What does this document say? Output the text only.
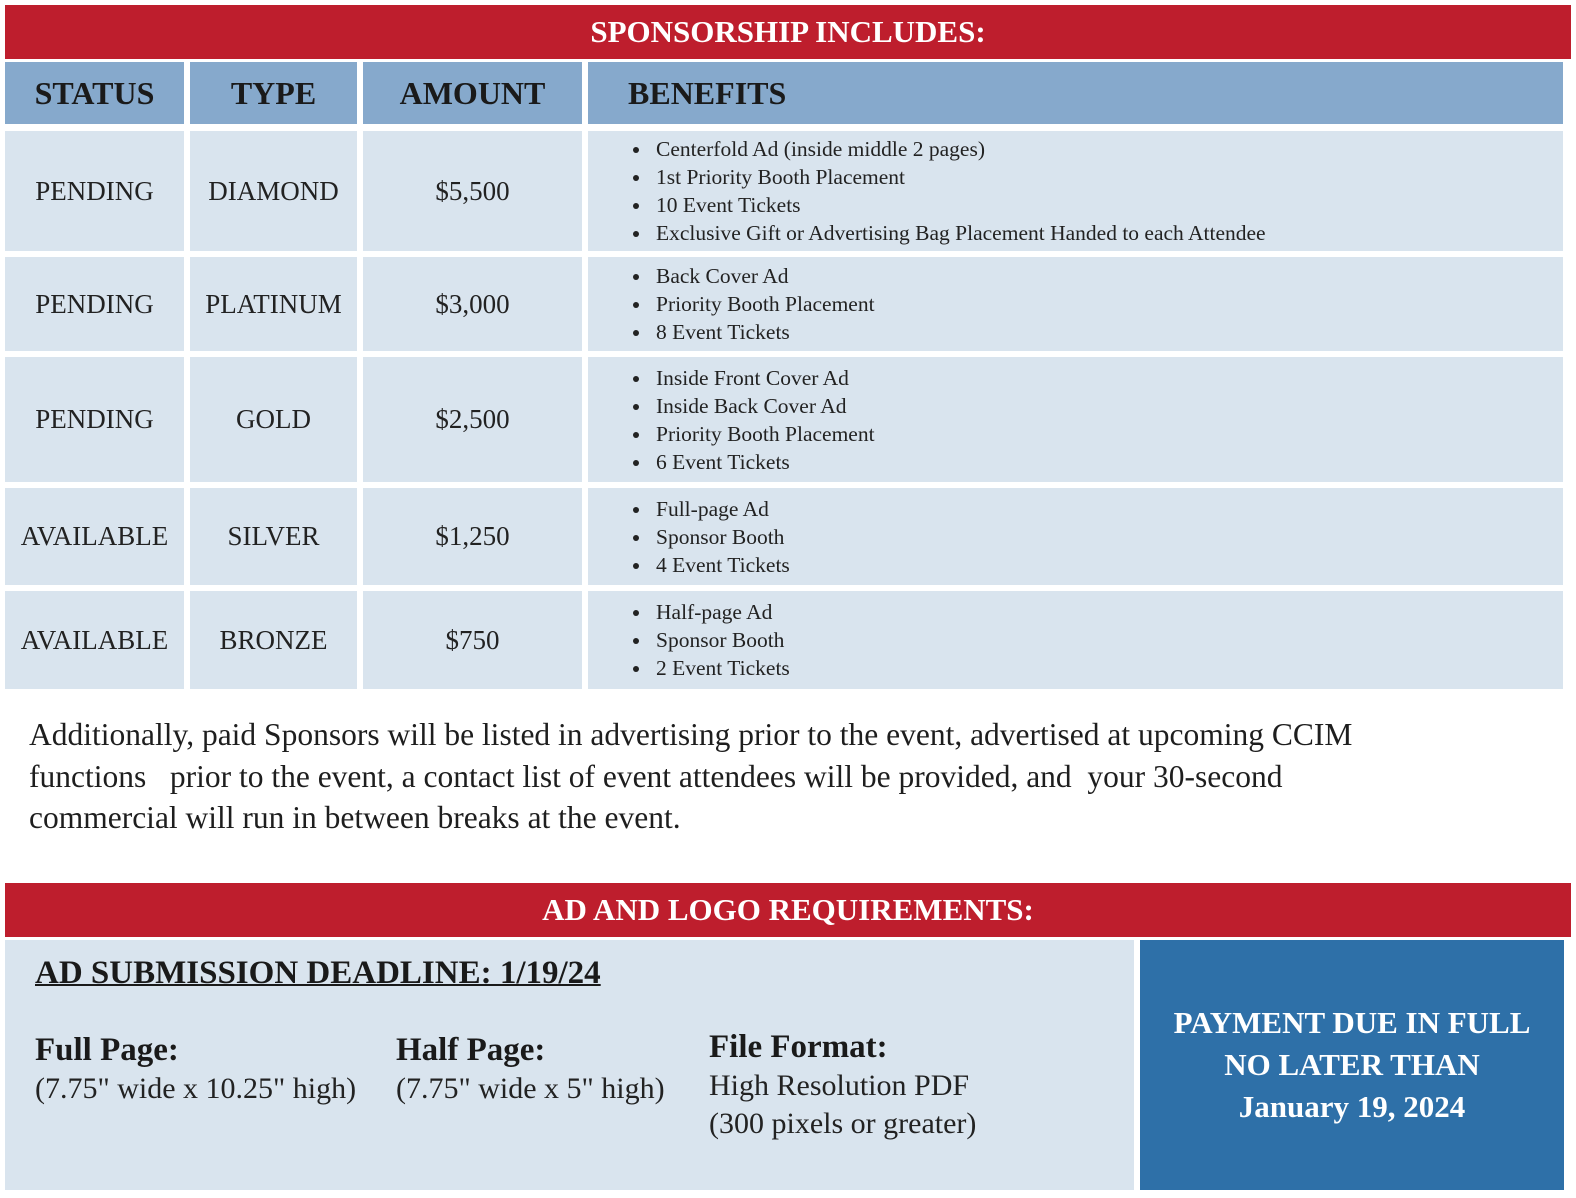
SPONSORSHIP INCLUDES:
STATUS	TYPE	AMOUNT	BENEFITS
PENDING	DIAMOND	$5,500
• Centerfold Ad (inside middle 2 pages)
• 1st Priority Booth Placement
• 10 Event Tickets
• Exclusive Gift or Advertising Bag Placement Handed to each Attendee
PENDING	PLATINUM	$3,000
• Back Cover Ad
• Priority Booth Placement
• 8 Event Tickets
PENDING	GOLD	$2,500
• Inside Front Cover Ad
• Inside Back Cover Ad
• Priority Booth Placement
• 6 Event Tickets
AVAILABLE	SILVER	$1,250
• Full-page Ad
• Sponsor Booth
• 4 Event Tickets
AVAILABLE	BRONZE	$750
• Half-page Ad
• Sponsor Booth
• 2 Event Tickets

Additionally, paid Sponsors will be listed in advertising prior to the event, advertised at upcoming CCIM
functions   prior to the event, a contact list of event attendees will be provided, and  your 30-second
commercial will run in between breaks at the event.

AD AND LOGO REQUIREMENTS:
AD SUBMISSION DEADLINE: 1/19/24
Full Page:
(7.75" wide x 10.25" high)
Half Page:
(7.75" wide x 5" high)
File Format:
High Resolution PDF
(300 pixels or greater)
PAYMENT DUE IN FULL
NO LATER THAN
January 19, 2024
